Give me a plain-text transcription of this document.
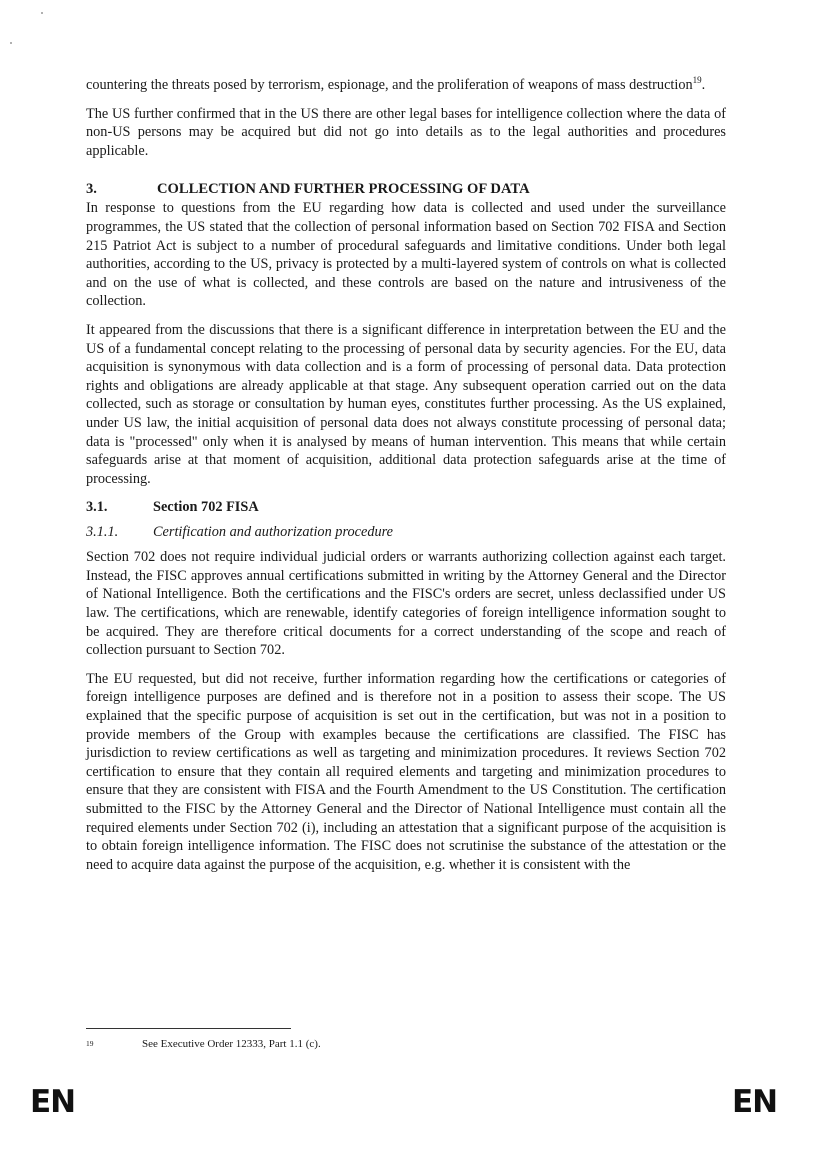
countering the threats posed by terrorism, espionage, and the proliferation of weapons of mass destruction$^{19}$.

The US further confirmed that in the US there are other legal bases for intelligence collection where the data of non-US persons may be acquired but did not go into details as to the legal authorities and procedures applicable.

3.	COLLECTION AND FURTHER PROCESSING OF DATA

In response to questions from the EU regarding how data is collected and used under the surveillance programmes, the US stated that the collection of personal information based on Section 702 FISA and Section 215 Patriot Act is subject to a number of procedural safeguards and limitative conditions. Under both legal authorities, according to the US, privacy is protected by a multi-layered system of controls on what is collected and on the use of what is collected, and these controls are based on the nature and intrusiveness of the collection.

It appeared from the discussions that there is a significant difference in interpretation between the EU and the US of a fundamental concept relating to the processing of personal data by security agencies. For the EU, data acquisition is synonymous with data collection and is a form of processing of personal data. Data protection rights and obligations are already applicable at that stage. Any subsequent operation carried out on the data collected, such as storage or consultation by human eyes, constitutes further processing. As the US explained, under US law, the initial acquisition of personal data does not always constitute processing of personal data; data is "processed" only when it is analysed by means of human intervention. This means that while certain safeguards arise at that moment of acquisition, additional data protection safeguards arise at the time of processing.

3.1.	Section 702 FISA
3.1.1.	Certification and authorization procedure

Section 702 does not require individual judicial orders or warrants authorizing collection against each target. Instead, the FISC approves annual certifications submitted in writing by the Attorney General and the Director of National Intelligence. Both the certifications and the FISC's orders are secret, unless declassified under US law. The certifications, which are renewable, identify categories of foreign intelligence information sought to be acquired. They are therefore critical documents for a correct understanding of the scope and reach of collection pursuant to Section 702.

The EU requested, but did not receive, further information regarding how the certifications or categories of foreign intelligence purposes are defined and is therefore not in a position to assess their scope. The US explained that the specific purpose of acquisition is set out in the certification, but was not in a position to provide members of the Group with examples because the certifications are classified. The FISC has jurisdiction to review certifications as well as targeting and minimization procedures. It reviews Section 702 certification to ensure that they contain all required elements and targeting and minimization procedures to ensure that they are consistent with FISA and the Fourth Amendment to the US Constitution. The certification submitted to the FISC by the Attorney General and the Director of National Intelligence must contain all the required elements under Section 702 (i), including an attestation that a significant purpose of the acquisition is to obtain foreign intelligence information. The FISC does not scrutinise the substance of the attestation or the need to acquire data against the purpose of the acquisition, e.g. whether it is consistent with the

19	See Executive Order 12333, Part 1.1 (c).
EN	EN
